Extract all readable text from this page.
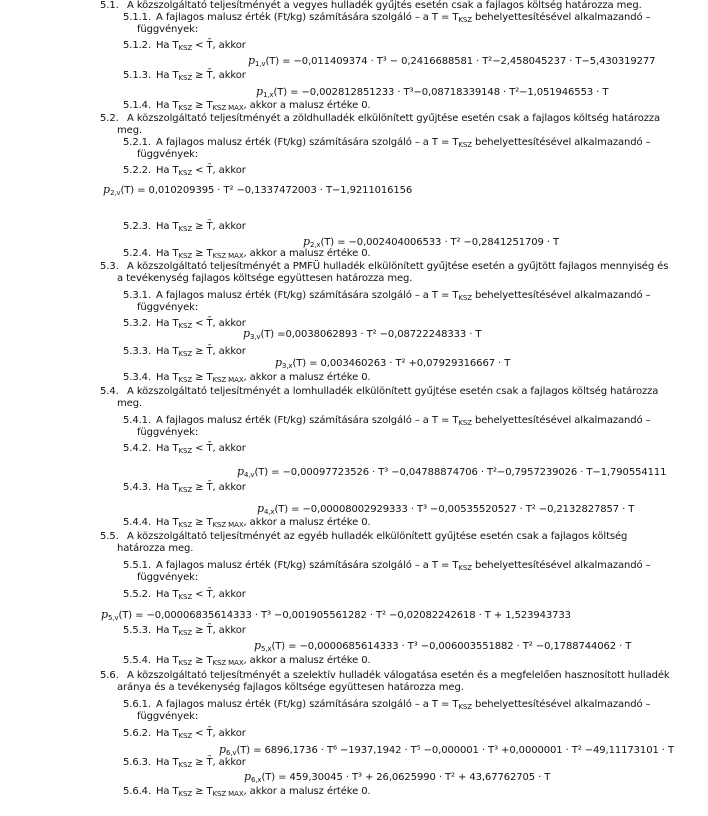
5.1. A közszolgáltató teljesítményét a vegyes hulladék gyűjtés esetén csak a fajlagos költség határozza meg.
5.1.1. A fajlagos malusz érték (Ft/kg) számítására szolgáló – a $T = T_{KSZ}$ behelyettesítésével alkalmazandó –
függvények:
5.1.2. Ha $T_{KSZ}$ < T̄, akkor
$p_{1,v}(T) = -0,011409374 \cdot T^3 - 0,2416688581 \cdot T^2-2,458045237 \cdot T-5,430319277$
5.1.3. Ha $T_{KSZ}$ ≥ T̄, akkor
$p_{1,x}(T) = -0,002812851233 \cdot T^3-0,08718339148 \cdot T^2-1,051946553 \cdot T$
5.1.4. Ha $T_{KSZ} \ge T_{KSZ MAX}$, akkor a malusz értéke 0.
5.2. A közszolgáltató teljesítményét a zöldhulladék elkülönített gyűjtése esetén csak a fajlagos költség határozza
meg.
5.2.1. A fajlagos malusz érték (Ft/kg) számítására szolgáló – a $T = T_{KSZ}$ behelyettesítésével alkalmazandó –
függvények:
5.2.2. Ha $T_{KSZ}$ < T̄, akkor
$p_{2,v}(T) = 0,010209395 \cdot T^2 -0,1337472003 \cdot T-1,9211016156$
5.2.3. Ha $T_{KSZ}$ ≥ T̄, akkor
$p_{2,x}(T) = -0,002404006533 \cdot T^2 -0,2841251709 \cdot T$
5.2.4. Ha $T_{KSZ} \ge T_{KSZ MAX}$, akkor a malusz értéke 0.
5.3. A közszolgáltató teljesítményét a PMFÜ hulladék elkülönített gyűjtése esetén a gyűjtött fajlagos mennyiség és
a tevékenység fajlagos költsége együttesen határozza meg.
5.3.1. A fajlagos malusz érték (Ft/kg) számítására szolgáló – a $T = T_{KSZ}$ behelyettesítésével alkalmazandó –
függvények:
5.3.2. Ha $T_{KSZ}$ < T̄, akkor
$p_{3,v}(T) =0,0038062893 \cdot T^2 -0,08722248333 \cdot T$
5.3.3. Ha $T_{KSZ}$ ≥ T̄, akkor
$p_{3,x}(T) = 0,003460263 \cdot T^2 +0,07929316667 \cdot T$
5.3.4. Ha $T_{KSZ} \ge T_{KSZ MAX}$, akkor a malusz értéke 0.
5.4. A közszolgáltató teljesítményét a lomhulladék elkülönített gyűjtése esetén csak a fajlagos költség határozza
meg.
5.4.1. A fajlagos malusz érték (Ft/kg) számítására szolgáló – a $T = T_{KSZ}$ behelyettesítésével alkalmazandó –
függvények:
5.4.2. Ha $T_{KSZ}$ < T̄, akkor
$p_{4,v}(T) = -0,00097723526 \cdot T^3 -0,04788874706 \cdot T^2-0,7957239026 \cdot T-1,790554111$
5.4.3. Ha $T_{KSZ}$ ≥ T̄, akkor
$p_{4,x}(T) = -0,00008002929333 \cdot T^3 -0,00535520527 \cdot T^2 -0,2132827857 \cdot T$
5.4.4. Ha $T_{KSZ} \ge T_{KSZ MAX}$, akkor a malusz értéke 0.
5.5. A közszolgáltató teljesítményét az egyéb hulladék elkülönített gyűjtése esetén csak a fajlagos költség
határozza meg.
5.5.1. A fajlagos malusz érték (Ft/kg) számítására szolgáló – a $T = T_{KSZ}$ behelyettesítésével alkalmazandó –
függvények:
5.5.2. Ha $T_{KSZ}$ < T̄, akkor
$p_{5,v}(T) = -0,00006835614333 \cdot T^3 -0,001905561282 \cdot T^2 -0,02082242618 \cdot T + 1,523943733$
5.5.3. Ha $T_{KSZ}$ ≥ T̄, akkor
$p_{5,x}(T) = -0,0000685614333 \cdot T^3 -0,006003551882 \cdot T^2 -0,1788744062 \cdot T$
5.5.4. Ha $T_{KSZ} \ge T_{KSZ MAX}$, akkor a malusz értéke 0.
5.6. A közszolgáltató teljesítményét a szelektív hulladék válogatása esetén és a megfelelően hasznosított hulladék
aránya és a tevékenység fajlagos költsége együttesen határozza meg.
5.6.1. A fajlagos malusz érték (Ft/kg) számítására szolgáló – a $T = T_{KSZ}$ behelyettesítésével alkalmazandó –
függvények:
5.6.2. Ha $T_{KSZ}$ < T̄, akkor
$p_{6,v}(T) = 6896,1736 \cdot T^6 -1937,1942 \cdot T^5 -0,000001 \cdot T^3 +0,0000001 \cdot T^2 -49,11173101 \cdot T$
5.6.3. Ha $T_{KSZ}$ ≥ T̄, akkor
$p_{6,x}(T) = 459,30045 \cdot T^3 + 26,0625990 \cdot T^2 + 43,67762705 \cdot T$
5.6.4. Ha $T_{KSZ} \ge T_{KSZ MAX}$, akkor a malusz értéke 0.
